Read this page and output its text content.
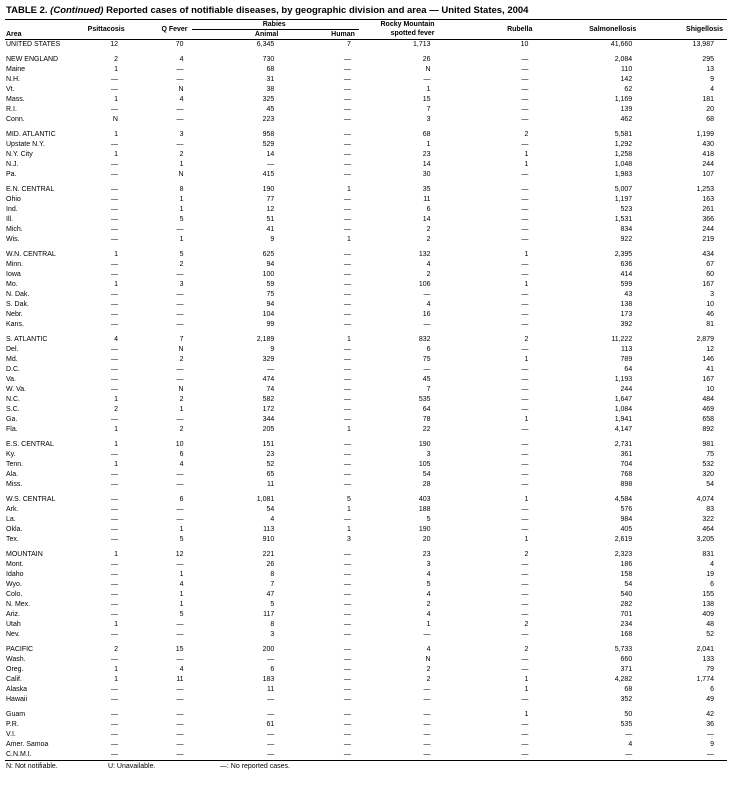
TABLE 2. (Continued) Reported cases of notifiable diseases, by geographic division and area — United States, 2004
Area	Psittacosis	Q Fever	Rabies		Rocky Mountain
spotted fever	Rubella	Salmonellosis	Shigellosis
			Animal	Human				
UNITED STATES	12	70	6,345	7	1,713	10	41,660	13,987

NEW ENGLAND	2	4	730	—	26	—	2,084	295
Maine	1	—	68	—	N	—	110	13
N.H.	—	—	31	—	—	—	142	9
Vt.	—	N	38	—	1	—	62	4
Mass.	1	4	325	—	15	—	1,169	181
R.I.	—	—	45	—	7	—	139	20
Conn.	N	—	223	—	3	—	462	68

MID. ATLANTIC	1	3	958	—	68	2	5,581	1,199
Upstate N.Y.	—	—	529	—	1	—	1,292	430
N.Y. City	1	2	14	—	23	1	1,258	418
N.J.	—	1	—	—	14	1	1,048	244
Pa.	—	N	415	—	30	—	1,983	107

E.N. CENTRAL	—	8	190	1	35	—	5,007	1,253
Ohio	—	1	77	—	11	—	1,197	163
Ind.	—	1	12	—	6	—	523	261
Ill.	—	5	51	—	14	—	1,531	366
Mich.	—	—	41	—	2	—	834	244
Wis.	—	1	9	1	2	—	922	219

W.N. CENTRAL	1	5	625	—	132	1	2,395	434
Minn.	—	2	94	—	4	—	636	67
Iowa	—	—	100	—	2	—	414	60
Mo.	1	3	59	—	106	1	599	167
N. Dak.	—	—	75	—	—	—	43	3
S. Dak.	—	—	94	—	4	—	138	10
Nebr.	—	—	104	—	16	—	173	46
Kans.	—	—	99	—	—	—	392	81

S. ATLANTIC	4	7	2,189	1	832	2	11,222	2,879
Del.	—	N	9	—	6	—	113	12
Md.	—	2	329	—	75	1	789	146
D.C.	—	—	—	—	—	—	64	41
Va.	—	—	474	—	45	—	1,193	167
W. Va.	—	N	74	—	7	—	244	10
N.C.	1	2	582	—	535	—	1,647	484
S.C.	2	1	172	—	64	—	1,084	469
Ga.	—	—	344	—	78	1	1,941	658
Fla.	1	2	205	1	22	—	4,147	892

E.S. CENTRAL	1	10	151	—	190	—	2,731	981
Ky.	—	6	23	—	3	—	361	75
Tenn.	1	4	52	—	105	—	704	532
Ala.	—	—	65	—	54	—	768	320
Miss.	—	—	11	—	28	—	898	54

W.S. CENTRAL	—	6	1,081	5	403	1	4,584	4,074
Ark.	—	—	54	1	188	—	576	83
La.	—	—	4	—	5	—	984	322
Okla.	—	1	113	1	190	—	405	464
Tex.	—	5	910	3	20	1	2,619	3,205

MOUNTAIN	1	12	221	—	23	2	2,323	831
Mont.	—	—	26	—	3	—	186	4
Idaho	—	1	8	—	4	—	158	19
Wyo.	—	4	7	—	5	—	54	6
Colo.	—	1	47	—	4	—	540	155
N. Mex.	—	1	5	—	2	—	282	138
Ariz.	—	5	117	—	4	—	701	409
Utah	1	—	8	—	1	2	234	48
Nev.	—	—	3	—	—	—	168	52

PACIFIC	2	15	200	—	4	2	5,733	2,041
Wash.	—	—	—	—	N	—	660	133
Oreg.	1	4	6	—	2	—	371	79
Calif.	1	11	183	—	2	1	4,282	1,774
Alaska	—	—	11	—	—	1	68	6
Hawaii	—	—	—	—	—	—	352	49

Guam	—	—	—	—	—	1	50	42
P.R.	—	—	61	—	—	—	535	36
V.I.	—	—	—	—	—	—	—	—
Amer. Samoa	—	—	—	—	—	—	4	9
C.N.M.I.	—	—	—	—	—	—	—	—
N: Not notifiable.	U: Unavailable.	—: No reported cases.
